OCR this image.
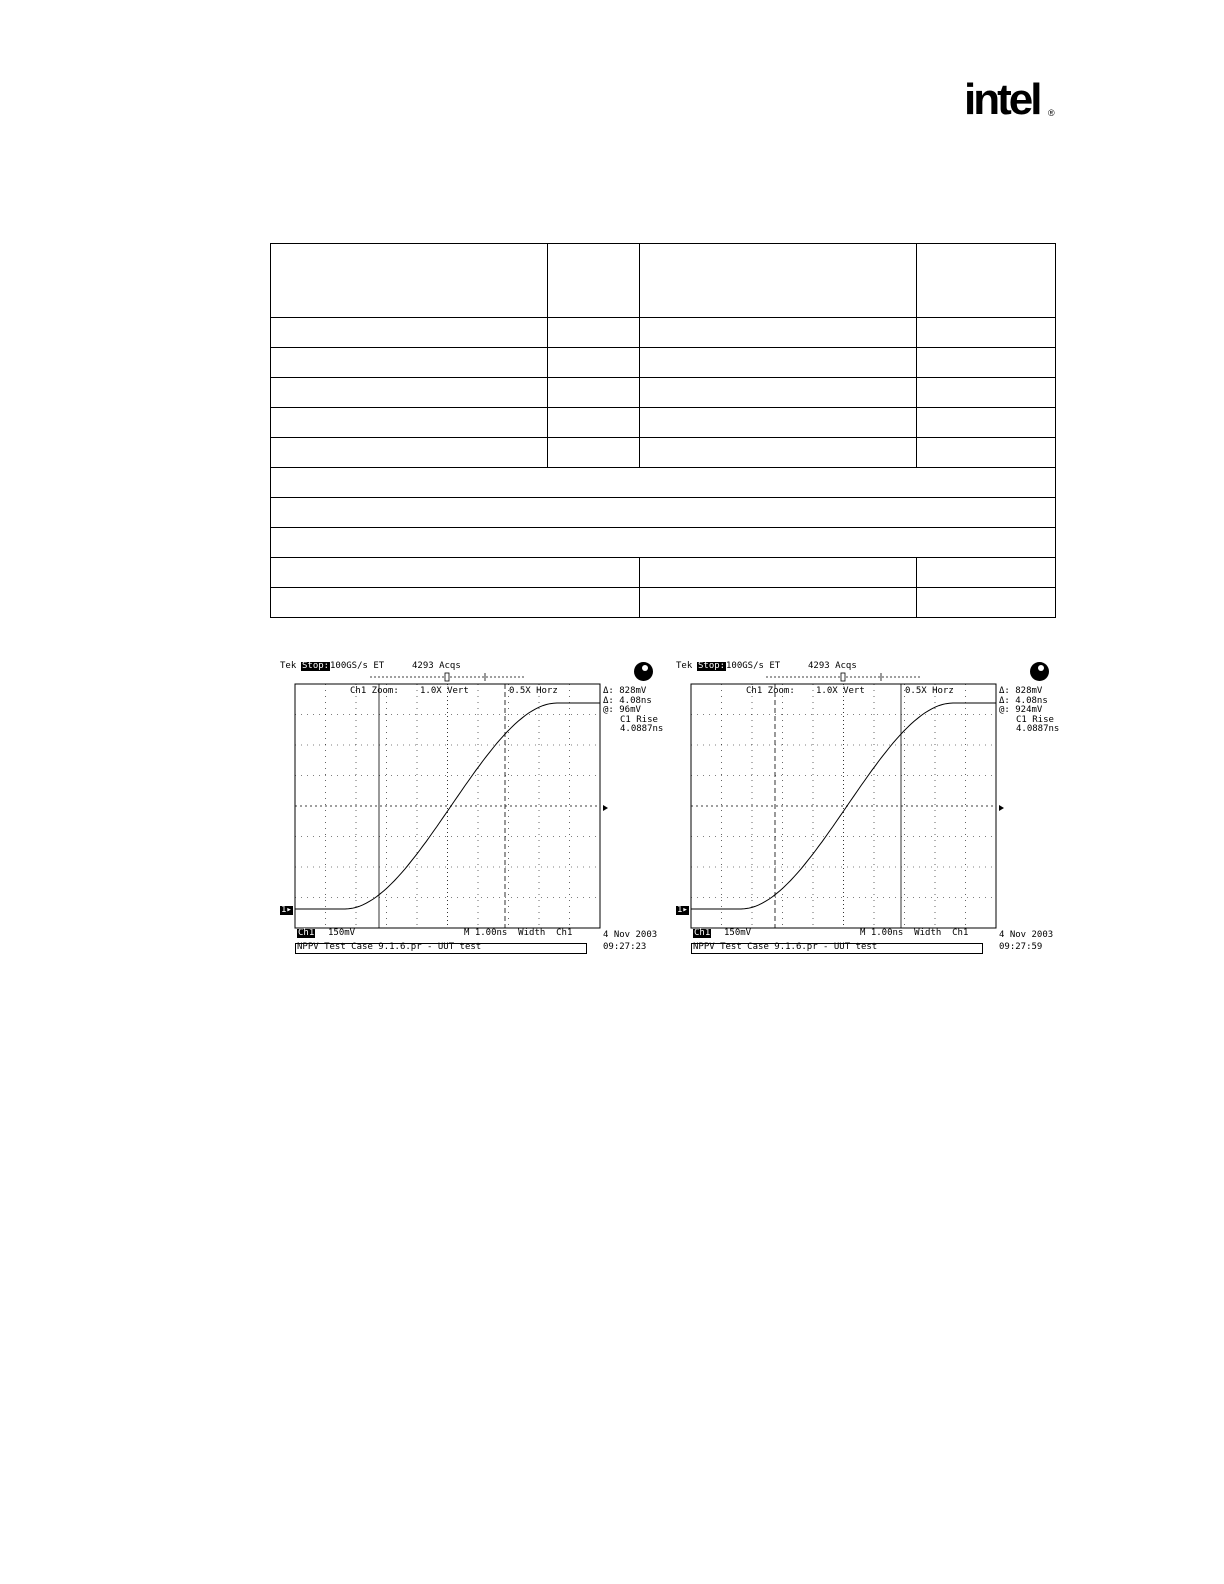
intel ®

Tek Stop: 100GS/s ET	4293 Acqs
Ch1 Zoom: 1.0X Vert	0.5X Horz	Δ: 828mV
Δ: 4.08ns
@: 96mV
C1 Rise
4.0887ns
1▸
Ch1 150mV	M 1.00ns  Width  Ch1	4 Nov 2003
09:27:23
NPPV Test Case 9.1.6.pr - UUT test
Tek Stop: 100GS/s ET	4293 Acqs
Ch1 Zoom: 1.0X Vert	0.5X Horz	Δ: 828mV
Δ: 4.08ns
@: 924mV
C1 Rise
4.0887ns
1▸
Ch1 150mV	M 1.00ns  Width  Ch1	4 Nov 2003
09:27:59
NPPV Test Case 9.1.6.pr - UUT test
